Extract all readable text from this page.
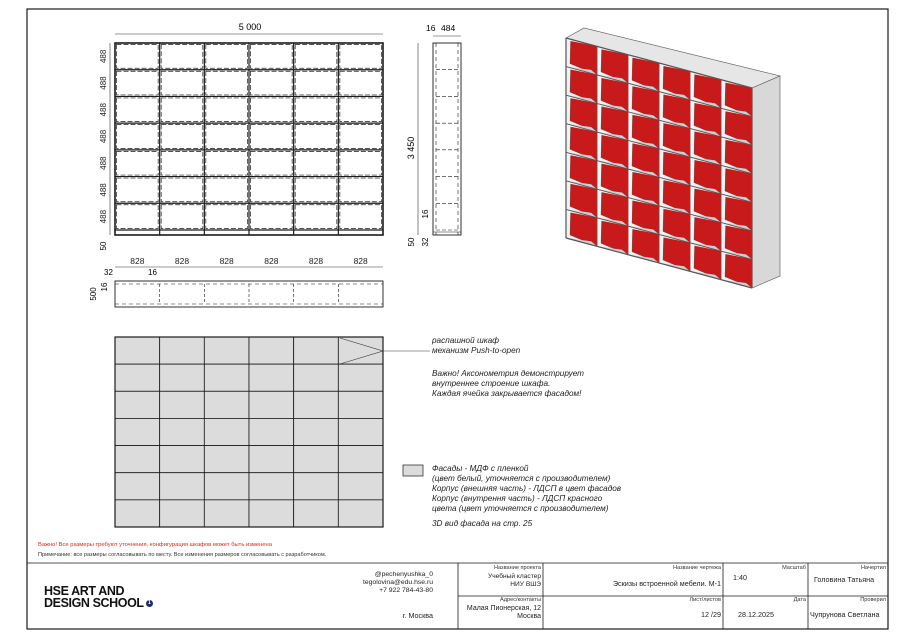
5 000
488
488
488
488
488
488
488
50
16 484
3 450
16
50 32
828	828	828	828	828	828
32	16
500
16
распашной шкаф
механизм Push-to-open
Важно! Аксонометрия демонстрирует
внутреннее строение шкафа.
Каждая ячейка закрывается фасадом!
Фасады - МДФ с пленкой
(цвет белый, уточняется с производителем)
Корпус (внешняя часть) - ЛДСП в цвет фасадов
Корпус (внутрення часть) - ЛДСП красного
цвета (цвет уточняется с производителем)
3D вид фасада на стр. 25
Важно! Все размеры требуют уточнения, конфигурация шкафов может быть изменена
Примечание: все размеры согласовывать по месту. Все изменения размеров согласовывать с разработчиком.
HSE ART AND
DESIGN SCHOOL 1
@pechenyushka_0
tegolovina@edu.hse.ru
+7 922 784-43-80
г. Москва
Название проекта
Учебный кластер
НИУ ВШЭ
Адрес/контакты
Малая Пионерская, 12
Москва
Название чертежа
Эскизы встроенной мебели. М-1
Лист/листов
12 /29
Масштаб
1:40
Дата
28.12.2025
Начертил
Головина Татьяна
Проверил
Чупрунова Светлана
